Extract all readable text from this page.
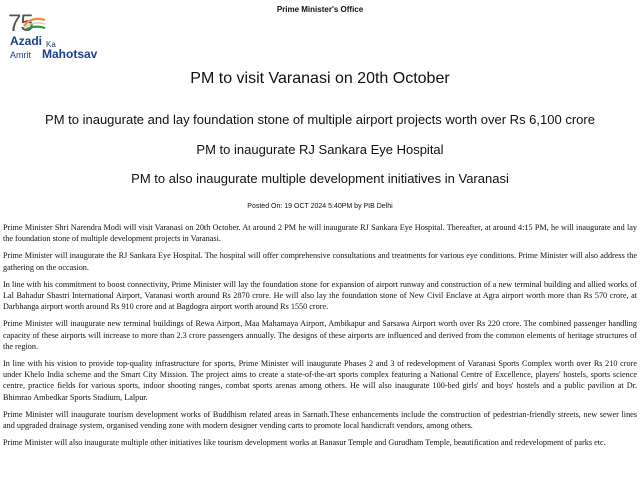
75
Azadi Ka
Amrit Mahotsav
Prime Minister's Office
PM to visit Varanasi on 20th October
PM to inaugurate and lay foundation stone of multiple airport projects worth over Rs 6,100 crore
PM to inaugurate RJ Sankara Eye Hospital
PM to also inaugurate multiple development initiatives in Varanasi
Posted On: 19 OCT 2024 5:40PM by PIB Delhi

Prime Minister Shri Narendra Modi will visit Varanasi on 20th October. At around 2 PM he will inaugurate RJ Sankara Eye Hospital. Thereafter, at around 4:15 PM, he will inaugurate and lay the foundation stone of multiple development projects in Varanasi.

Prime Minister will inaugurate the RJ Sankara Eye Hospital. The hospital will offer comprehensive consultations and treatments for various eye conditions. Prime Minister will also address the gathering on the occasion.

In line with his commitment to boost connectivity, Prime Minister will lay the foundation stone for expansion of airport runway and construction of a new terminal building and allied works of Lal Bahadur Shastri International Airport, Varanasi worth around Rs 2870 crore. He will also lay the foundation stone of New Civil Enclave at Agra airport worth more than Rs 570 crore, at Darbhanga airport worth around Rs 910 crore and at Bagdogra airport worth around Rs 1550 crore.

Prime Minister will inaugurate new terminal buildings of Rewa Airport, Maa Mahamaya Airport, Ambikapur and Sarsawa Airport worth over Rs 220 crore. The combined passenger handling capacity of these airports will increase to more than 2.3 crore passengers annually. The designs of these airports are influenced and derived from the common elements of heritage structures of the region.

In line with his vision to provide top-quality infrastructure for sports, Prime Minister will inaugurate Phases 2 and 3 of redevelopment of Varanasi Sports Complex worth over Rs 210 crore under Khelo India scheme and the Smart City Mission. The project aims to create a state-of-the-art sports complex featuring a National Centre of Excellence, players' hostels, sports science centre, practice fields for various sports, indoor shooting ranges, combat sports arenas among others. He will also inaugurate 100-bed girls' and boys' hostels and a public pavilion at Dr. Bhimrao Ambedkar Sports Stadium, Lalpur.

Prime Minister will inaugurate tourism development works of Buddhism related areas in Sarnath.These enhancements include the construction of pedestrian-friendly streets, new sewer lines and upgraded drainage system, organised vending zone with modern designer vending carts to promote local handicraft vendors, among others.

Prime Minister will also inaugurate multiple other initiatives like tourism development works at Banasur Temple and Gurudham Temple, beautification and redevelopment of parks etc.
